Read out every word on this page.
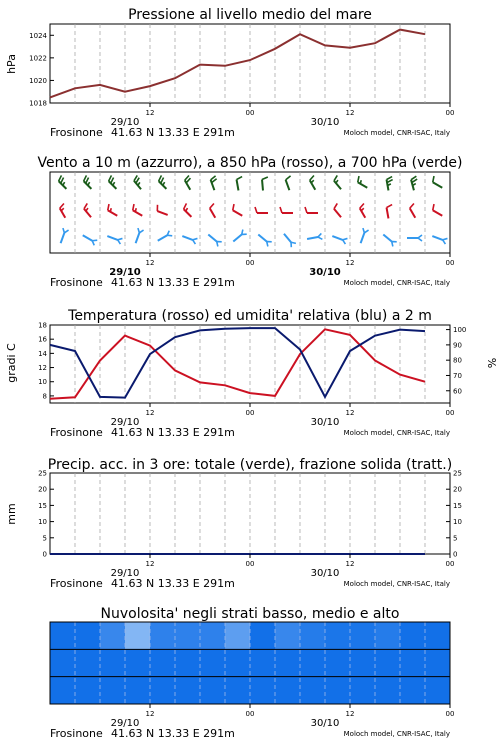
Pressione al livello medio del mare
hPa
1018
1020
1022
1024
12	00	12	00
29/10	30/10
Frosinone 41.63 N 13.33 E 291m	Moloch model, CNR-ISAC, Italy
Vento a 10 m (azzurro), a 850 hPa (rosso), a 700 hPa (verde)
12	00	12	00
29/10	30/10
Frosinone 41.63 N 13.33 E 291m	Moloch model, CNR-ISAC, Italy
Temperatura (rosso) ed umidita' relativa (blu) a 2 m
gradi C	%
8
10
12
14
16
18
60
70
80
90
100
12	00	12	00
29/10	30/10
Frosinone 41.63 N 13.33 E 291m	Moloch model, CNR-ISAC, Italy
Precip. acc. in 3 ore: totale (verde), frazione solida (tratt.)
mm
0
5
10
15
20
25
0
5
10
15
20
25
12	00	12	00
29/10	30/10
Frosinone 41.63 N 13.33 E 291m	Moloch model, CNR-ISAC, Italy
Nuvolosita' negli strati basso, medio e alto
12	00	12	00
29/10	30/10
Frosinone 41.63 N 13.33 E 291m	Moloch model, CNR-ISAC, Italy
